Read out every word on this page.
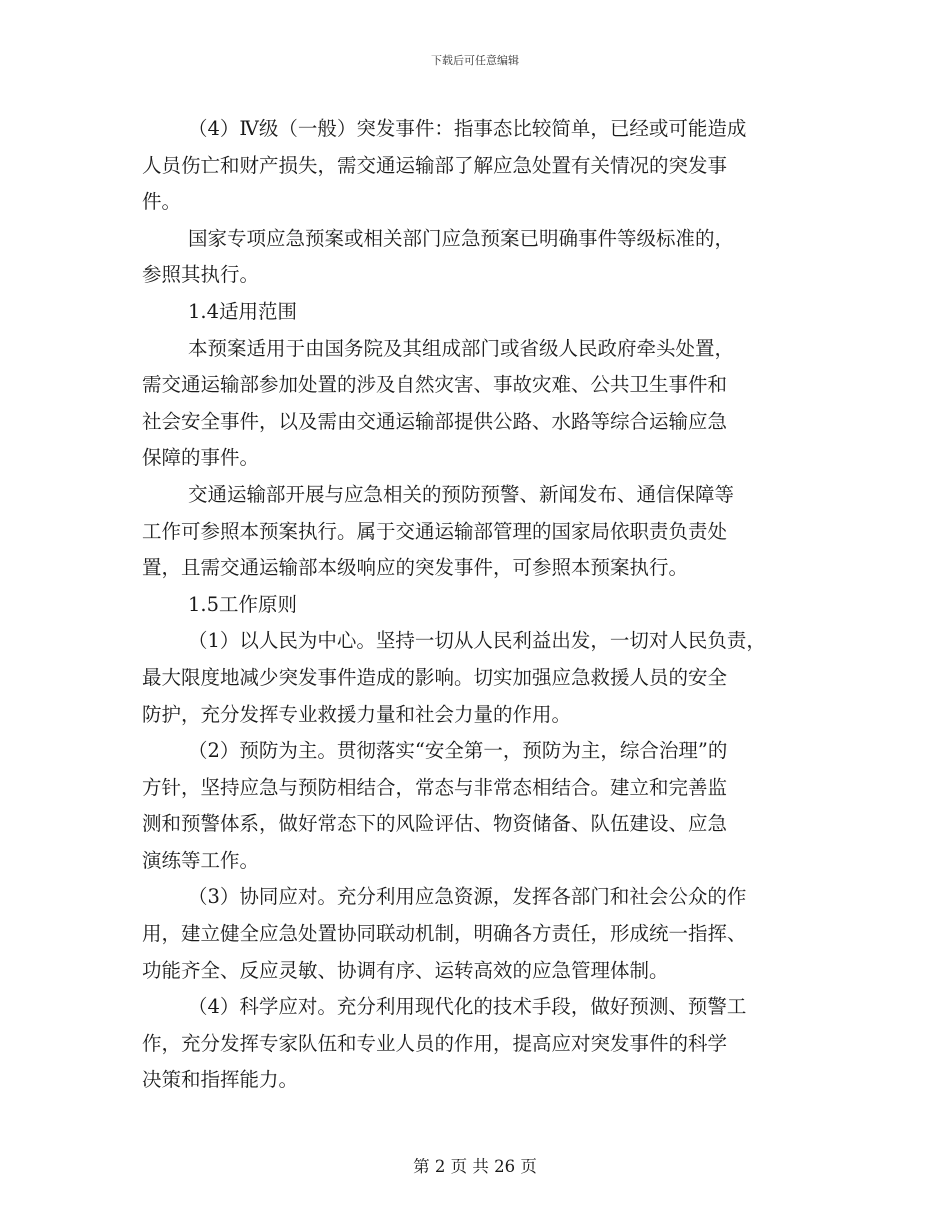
下载后可任意编辑
（4）Ⅳ级（一般）突发事件：指事态比较简单，已经或可能造成
人员伤亡和财产损失，需交通运输部了解应急处置有关情况的突发事
件。
国家专项应急预案或相关部门应急预案已明确事件等级标准的，
参照其执行。
1.4适用范围
本预案适用于由国务院及其组成部门或省级人民政府牵头处置，
需交通运输部参加处置的涉及自然灾害、事故灾难、公共卫生事件和
社会安全事件，以及需由交通运输部提供公路、水路等综合运输应急
保障的事件。
交通运输部开展与应急相关的预防预警、新闻发布、通信保障等
工作可参照本预案执行。属于交通运输部管理的国家局依职责负责处
置，且需交通运输部本级响应的突发事件，可参照本预案执行。
1.5工作原则
（1）以人民为中心。坚持一切从人民利益出发，一切对人民负责，
最大限度地减少突发事件造成的影响。切实加强应急救援人员的安全
防护，充分发挥专业救援力量和社会力量的作用。
（2）预防为主。贯彻落实“安全第一，预防为主，综合治理”的
方针，坚持应急与预防相结合，常态与非常态相结合。建立和完善监
测和预警体系，做好常态下的风险评估、物资储备、队伍建设、应急
演练等工作。
（3）协同应对。充分利用应急资源，发挥各部门和社会公众的作
用，建立健全应急处置协同联动机制，明确各方责任，形成统一指挥、
功能齐全、反应灵敏、协调有序、运转高效的应急管理体制。
（4）科学应对。充分利用现代化的技术手段，做好预测、预警工
作，充分发挥专家队伍和专业人员的作用，提高应对突发事件的科学
决策和指挥能力。
第 2 页 共 26 页
